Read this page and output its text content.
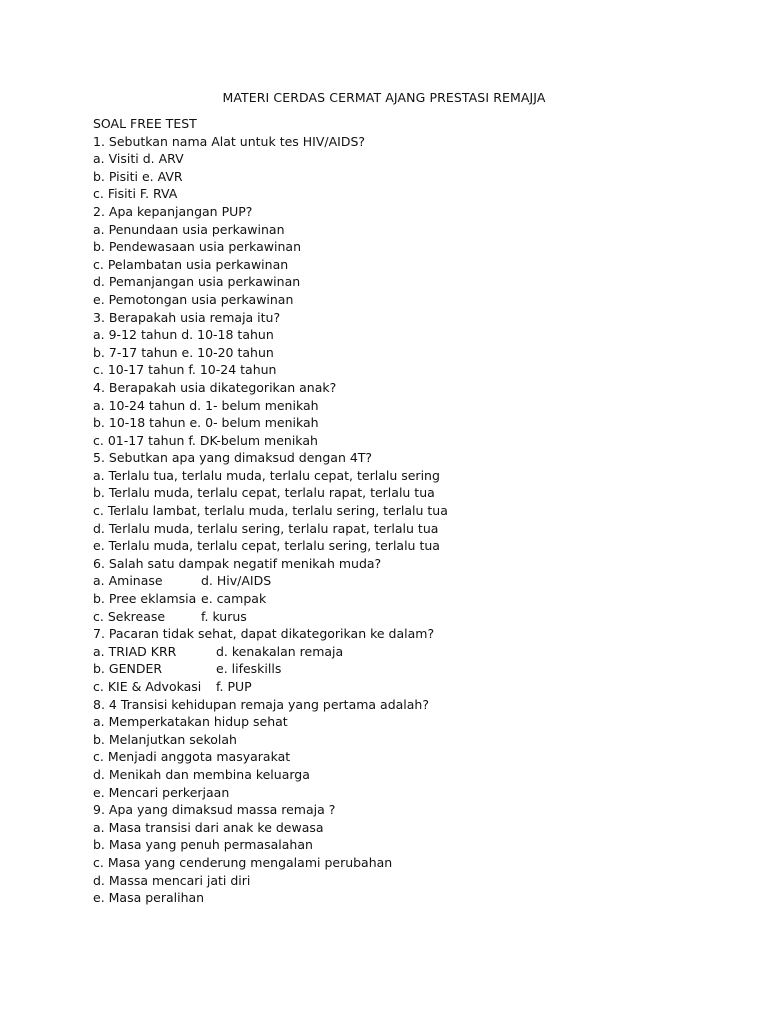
MATERI CERDAS CERMAT AJANG PRESTASI REMAJJA
SOAL FREE TEST
1. Sebutkan nama Alat untuk tes HIV/AIDS?
a. Visiti d. ARV
b. Pisiti e. AVR
c. Fisiti F. RVA
2. Apa kepanjangan PUP?
a. Penundaan usia perkawinan
b. Pendewasaan usia perkawinan
c. Pelambatan usia perkawinan
d. Pemanjangan usia perkawinan
e. Pemotongan usia perkawinan
3. Berapakah usia remaja itu?
a. 9-12 tahun d. 10-18 tahun
b. 7-17 tahun e. 10-20 tahun
c. 10-17 tahun f. 10-24 tahun
4. Berapakah usia dikategorikan anak?
a. 10-24 tahun d. 1- belum menikah
b. 10-18 tahun e. 0- belum menikah
c. 01-17 tahun f. DK-belum menikah
5. Sebutkan apa yang dimaksud dengan 4T?
a. Terlalu tua, terlalu muda, terlalu cepat, terlalu sering
b. Terlalu muda, terlalu cepat, terlalu rapat, terlalu tua
c. Terlalu lambat, terlalu muda, terlalu sering, terlalu tua
d. Terlalu muda, terlalu sering, terlalu rapat, terlalu tua
e. Terlalu muda, terlalu cepat, terlalu sering, terlalu tua
6. Salah satu dampak negatif menikah muda?
a. Aminase	d. Hiv/AIDS
b. Pree eklamsia e. campak
c. Sekrease	f. kurus
7. Pacaran tidak sehat, dapat dikategorikan ke dalam?
a. TRIAD KRR	d. kenakalan remaja
b. GENDER	e. lifeskills
c. KIE & Advokasi f. PUP
8. 4 Transisi kehidupan remaja yang pertama adalah?
a. Memperkatakan hidup sehat
b. Melanjutkan sekolah
c. Menjadi anggota masyarakat
d. Menikah dan membina keluarga
e. Mencari perkerjaan
9. Apa yang dimaksud massa remaja ?
a. Masa transisi dari anak ke dewasa
b. Masa yang penuh permasalahan
c. Masa yang cenderung mengalami perubahan
d. Massa mencari jati diri
e. Masa peralihan
